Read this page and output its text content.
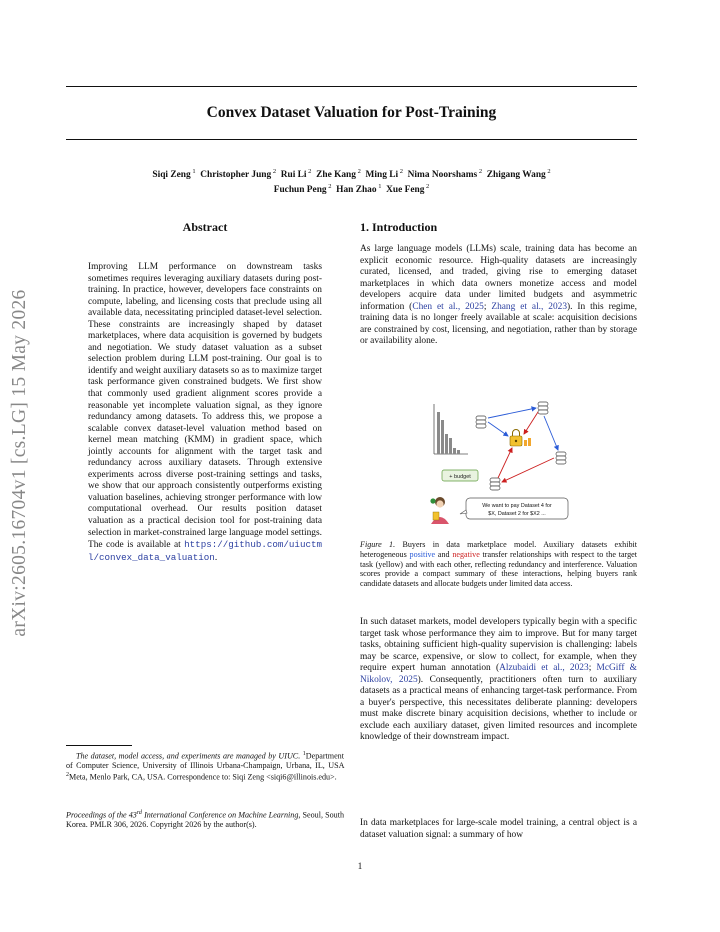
arXiv:2605.16704v1 [cs.LG] 15 May 2026
Convex Dataset Valuation for Post-Training
Siqi Zeng $^1$  Christopher Jung $^2$  Rui Li $^2$  Zhe Kang $^2$  Ming Li $^2$  Nima Noorshams $^2$  Zhigang Wang $^2$
Fuchun Peng $^2$  Han Zhao $^1$  Xue Feng $^2$
Abstract
Improving LLM performance on downstream tasks sometimes requires leveraging auxiliary datasets during post-training. In practice, however, developers face constraints on compute, labeling, and licensing costs that preclude using all available data, necessitating principled dataset-level selection. These constraints are increasingly shaped by dataset marketplaces, where data acquisition is governed by budgets and negotiation. We study dataset valuation as a subset selection problem during LLM post-training. Our goal is to identify and weight auxiliary datasets so as to maximize target task performance given constrained budgets. We first show that commonly used gradient alignment scores provide a reasonable yet incomplete valuation signal, as they ignore redundancy among datasets. To address this, we propose a scalable convex dataset-level valuation method based on kernel mean matching (KMM) in gradient space, which jointly accounts for alignment with the target task and redundancy across auxiliary datasets. Through extensive experiments across diverse post-training settings and tasks, we show that our approach consistently outperforms existing valuation baselines, achieving stronger performance with low computational overhead. Our results position dataset valuation as a practical decision tool for post-training data selection in market-constrained large language model settings. The code is available at https://github.com/uiuctml/convex_data_valuation.
The dataset, model access, and experiments are managed by UIUC. $^1$Department of Computer Science, University of Illinois Urbana-Champaign, Urbana, IL, USA $^2$Meta, Menlo Park, CA, USA. Correspondence to: Siqi Zeng <siqi6@illinois.edu>.
Proceedings of the 43rd International Conference on Machine Learning, Seoul, South Korea. PMLR 306, 2026. Copyright 2026 by the author(s).
1. Introduction

As large language models (LLMs) scale, training data has become an explicit economic resource. High-quality datasets are increasingly curated, licensed, and traded, giving rise to emerging dataset marketplaces in which data owners monetize access and model developers acquire data under limited budgets and asymmetric information (Chen et al., 2025; Zhang et al., 2023). In this regime, training data is no longer freely available at scale: acquisition decisions are constrained by cost, licensing, and negotiation, rather than by storage or availability alone.

+ budget
We want to pay Dataset 4 for
$X, Dataset 2 for $X2 ...
Figure 1. Buyers in data marketplace model. Auxiliary datasets exhibit heterogeneous positive and negative transfer relationships with respect to the target task (yellow) and with each other, reflecting redundancy and interference. Valuation scores provide a compact summary of these interactions, helping buyers rank candidate datasets and allocate budgets under limited data access.

In such dataset markets, model developers typically begin with a specific target task whose performance they aim to improve. But for many target tasks, obtaining sufficient high-quality supervision is challenging: labels may be scarce, expensive, or slow to collect, for example, when they require expert human annotation (Alzubaidi et al., 2023; McGiff & Nikolov, 2025). Consequently, practitioners often turn to auxiliary datasets as a practical means of enhancing target-task performance. From a buyer's perspective, this necessitates deliberate planning: developers must make discrete binary acquisition decisions, whether to include or exclude each auxiliary dataset, given limited resources and incomplete knowledge of their downstream impact.

In data marketplaces for large-scale model training, a central object is a dataset valuation signal: a summary of how

1
